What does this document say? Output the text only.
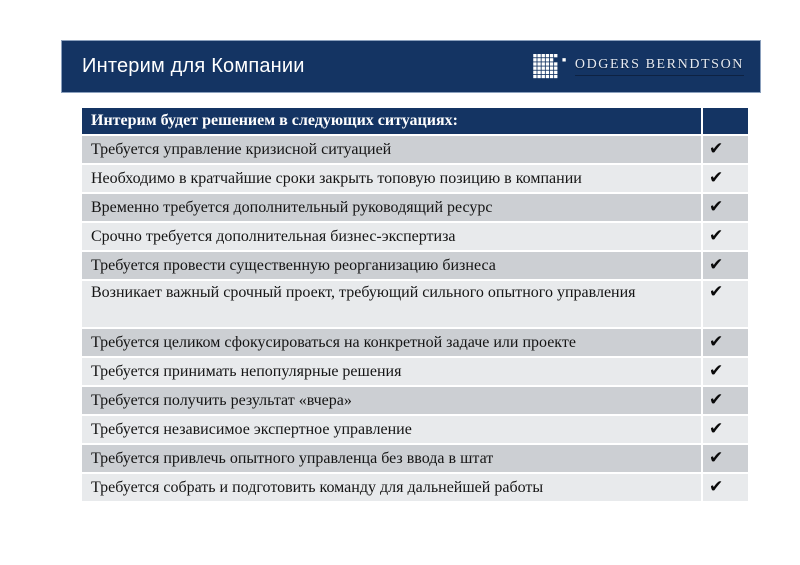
Интерим для Компании	ODGERS BERNDTSON
Интерим будет решением в следующих ситуациях:
Требуется управление кризисной ситуацией	✔
Необходимо в кратчайшие сроки закрыть топовую позицию в компании	✔
Временно требуется дополнительный руководящий ресурс	✔
Срочно требуется дополнительная бизнес-экспертиза	✔
Требуется провести существенную реорганизацию бизнеса	✔
Возникает важный срочный проект, требующий сильного опытного управления	✔
Требуется целиком сфокусироваться на конкретной задаче или проекте	✔
Требуется принимать непопулярные решения	✔
Требуется получить результат «вчера»	✔
Требуется независимое экспертное управление	✔
Требуется привлечь опытного управленца без ввода в штат	✔
Требуется собрать и подготовить команду для дальнейшей работы	✔
